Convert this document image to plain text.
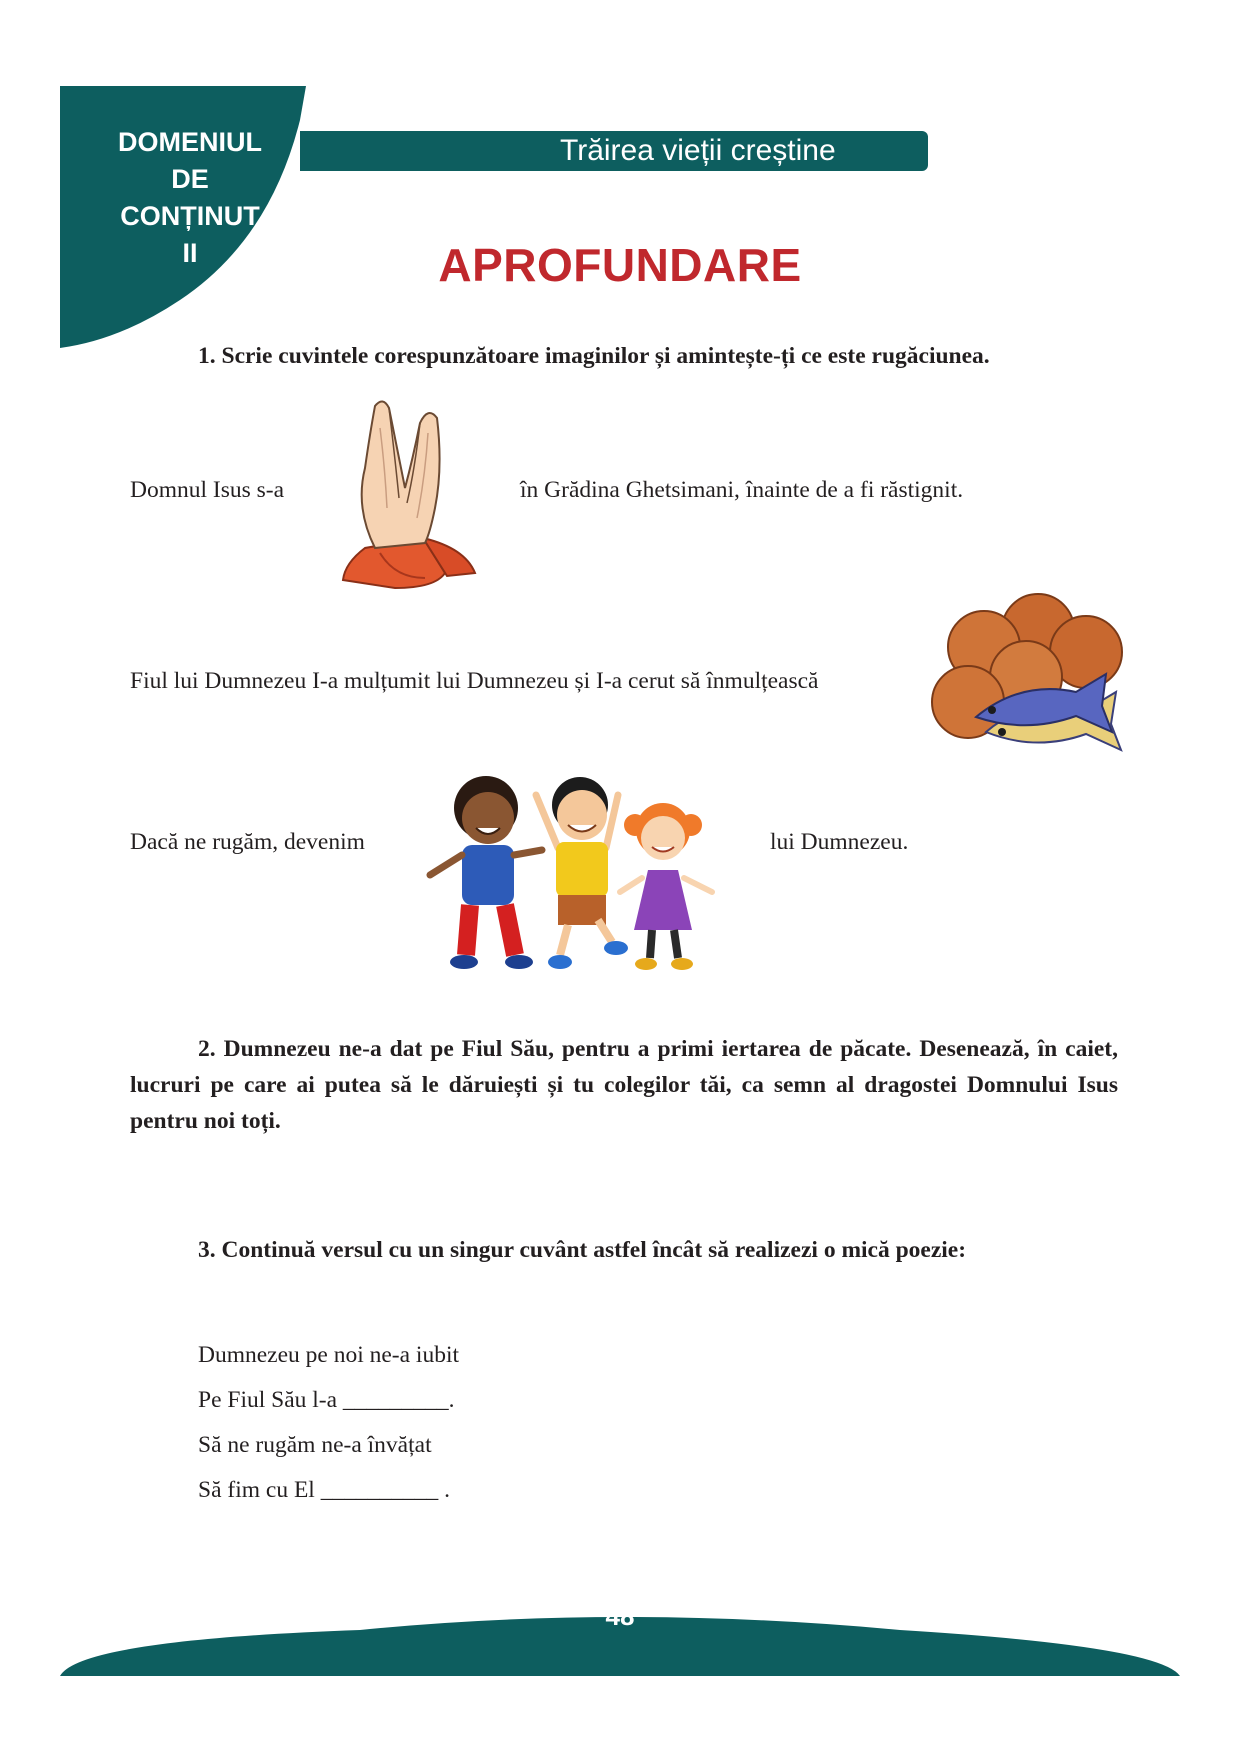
DOMENIUL
DE
CONȚINUT
II
Trăirea vieții creștine
APROFUNDARE
1. Scrie cuvintele corespunzătoare imaginilor și amintește-ți ce este rugăciunea.
Domnul Isus s-a	în Grădina Ghetsimani, înainte de a fi răstignit.
Fiul lui Dumnezeu I-a mulțumit lui Dumnezeu și I-a cerut să înmulțească
Dacă ne rugăm, devenim	lui Dumnezeu.
2. Dumnezeu ne-a dat pe Fiul Său, pentru a primi iertarea de păcate. Desenează, în caiet, lucruri pe care ai putea să le dăruiești și tu colegilor tăi, ca semn al dragostei Domnului Isus pentru noi toți.
3. Continuă versul cu un singur cuvânt astfel încât să realizezi o mică poezie:
Dumnezeu pe noi ne-a iubit
Pe Fiul Său l-a _________.
Să ne rugăm ne-a învățat
Să fim cu El __________ .
48
